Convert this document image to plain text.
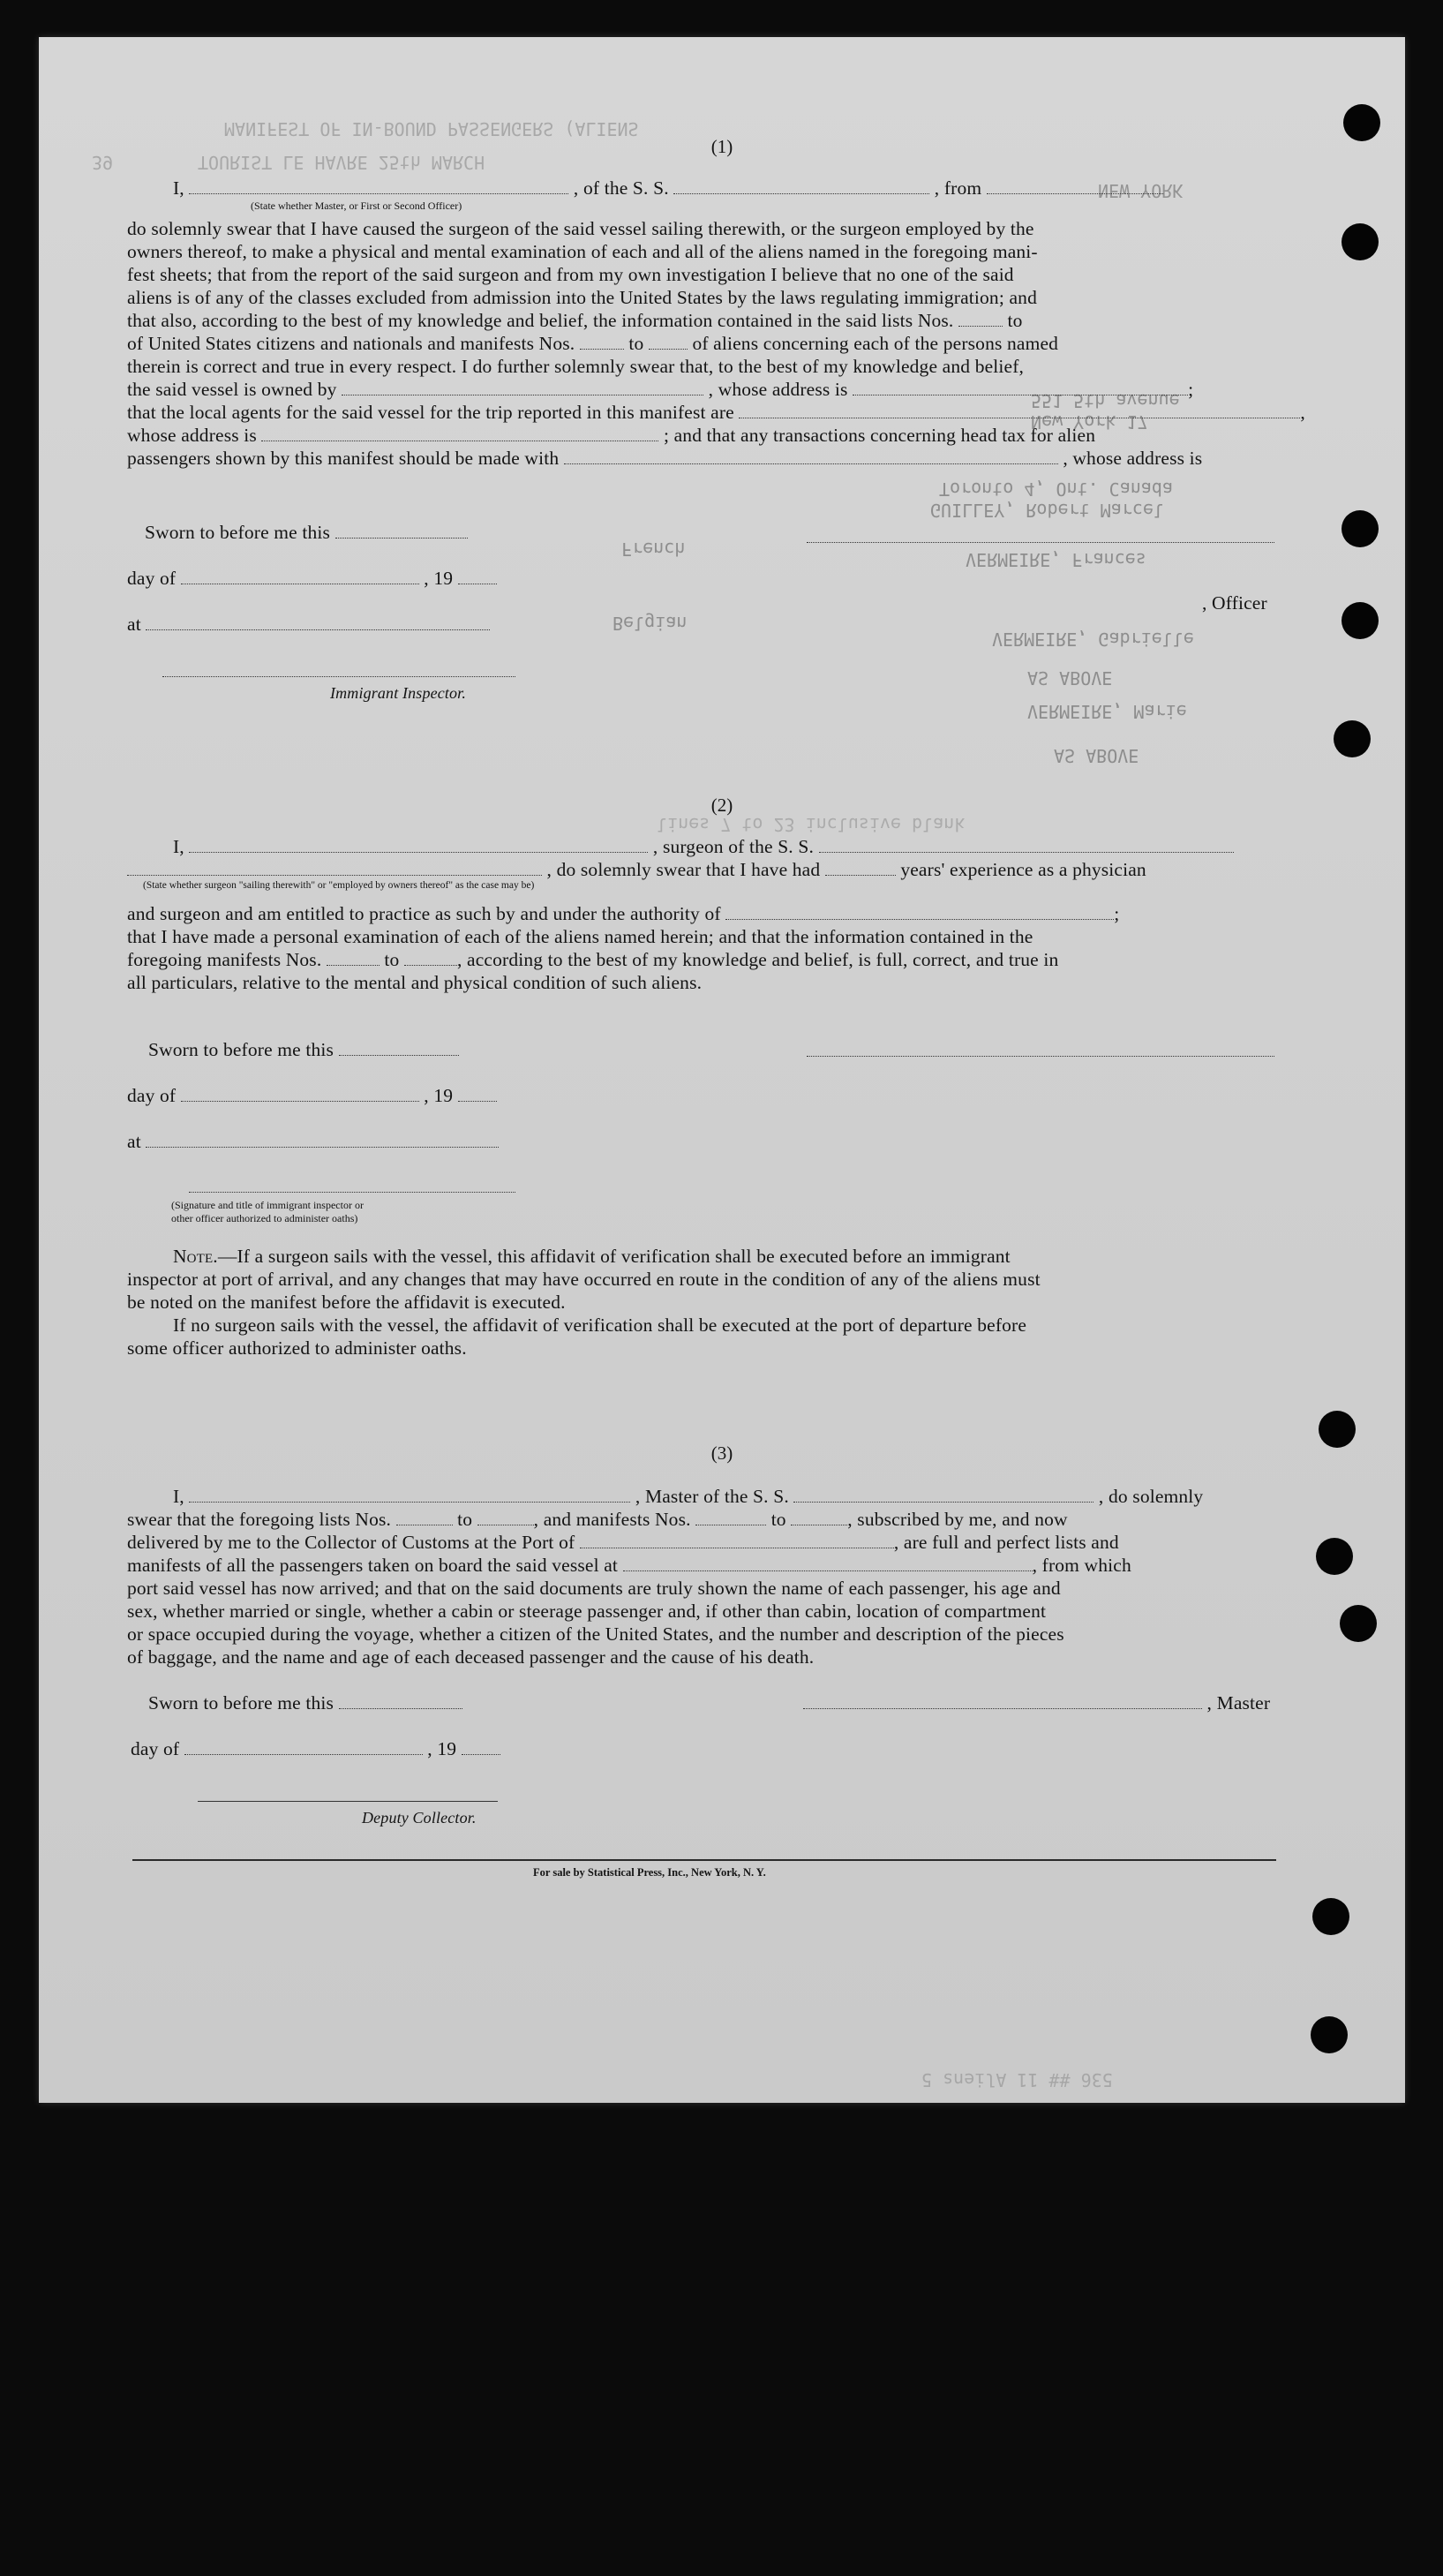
MANIFEST OF IN-BOUND PASSENGERS (ALIENS
TOURIST LE HAVRE 25th MARCH
39
NEW YORK
551 5th avenue
New York 17
Toronto 4, Ont. Canada
GUILLEY, Robert Marcel
French	VERMEIRE, Frances
Belgian
VERMEIRE, Gabrielle
AS ABOVE
VERMEIRE, Marie
AS ABOVE
lines 7 to 23 inclusive blank
536 ## 11 Aliens 5
(1)
I,	, of the S. S.	, from
(State whether Master, or First or Second Officer)
do solemnly swear that I have caused the surgeon of the said vessel sailing therewith, or the surgeon employed by the
owners thereof, to make a physical and mental examination of each and all of the aliens named in the foregoing mani-
fest sheets; that from the report of the said surgeon and from my own investigation I believe that no one of the said
aliens is of any of the classes excluded from admission into the United States by the laws regulating immigration; and
that also, according to the best of my knowledge and belief, the information contained in the said lists Nos.	to
of United States citizens and nationals and manifests Nos.	to	of aliens concerning each of the persons named
therein is correct and true in every respect. I do further solemnly swear that, to the best of my knowledge and belief,
the said vessel is owned by	, whose address is	;
that the local agents for the said vessel for the trip reported in this manifest are	,
whose address is	; and that any transactions concerning head tax for alien
passengers shown by this manifest should be made with	, whose address is
Sworn to before me this
day of	, 19
at
Immigrant Inspector.
, Officer
(2)
I,	, surgeon of the S. S.
, do solemnly swear that I have had	years' experience as a physician
(State whether surgeon "sailing therewith" or "employed by owners thereof" as the case may be)
and surgeon and am entitled to practice as such by and under the authority of	;
that I have made a personal examination of each of the aliens named herein; and that the information contained in the
foregoing manifests Nos.	to	, according to the best of my knowledge and belief, is full, correct, and true in
all particulars, relative to the mental and physical condition of such aliens.
Sworn to before me this
day of	, 19
at
(Signature and title of immigrant inspector or
other officer authorized to administer oaths)
Note.—If a surgeon sails with the vessel, this affidavit of verification shall be executed before an immigrant
inspector at port of arrival, and any changes that may have occurred en route in the condition of any of the aliens must
be noted on the manifest before the affidavit is executed.
If no surgeon sails with the vessel, the affidavit of verification shall be executed at the port of departure before
some officer authorized to administer oaths.
(3)
I,	, Master of the S. S.	, do solemnly
swear that the foregoing lists Nos.	to	, and manifests Nos.	to	, subscribed by me, and now
delivered by me to the Collector of Customs at the Port of	, are full and perfect lists and
manifests of all the passengers taken on board the said vessel at	, from which
port said vessel has now arrived; and that on the said documents are truly shown the name of each passenger, his age and
sex, whether married or single, whether a cabin or steerage passenger and, if other than cabin, location of compartment
or space occupied during the voyage, whether a citizen of the United States, and the number and description of the pieces
of baggage, and the name and age of each deceased passenger and the cause of his death.
Sworn to before me this	, Master
day of	, 19
Deputy Collector.
For sale by Statistical Press, Inc., New York, N. Y.
